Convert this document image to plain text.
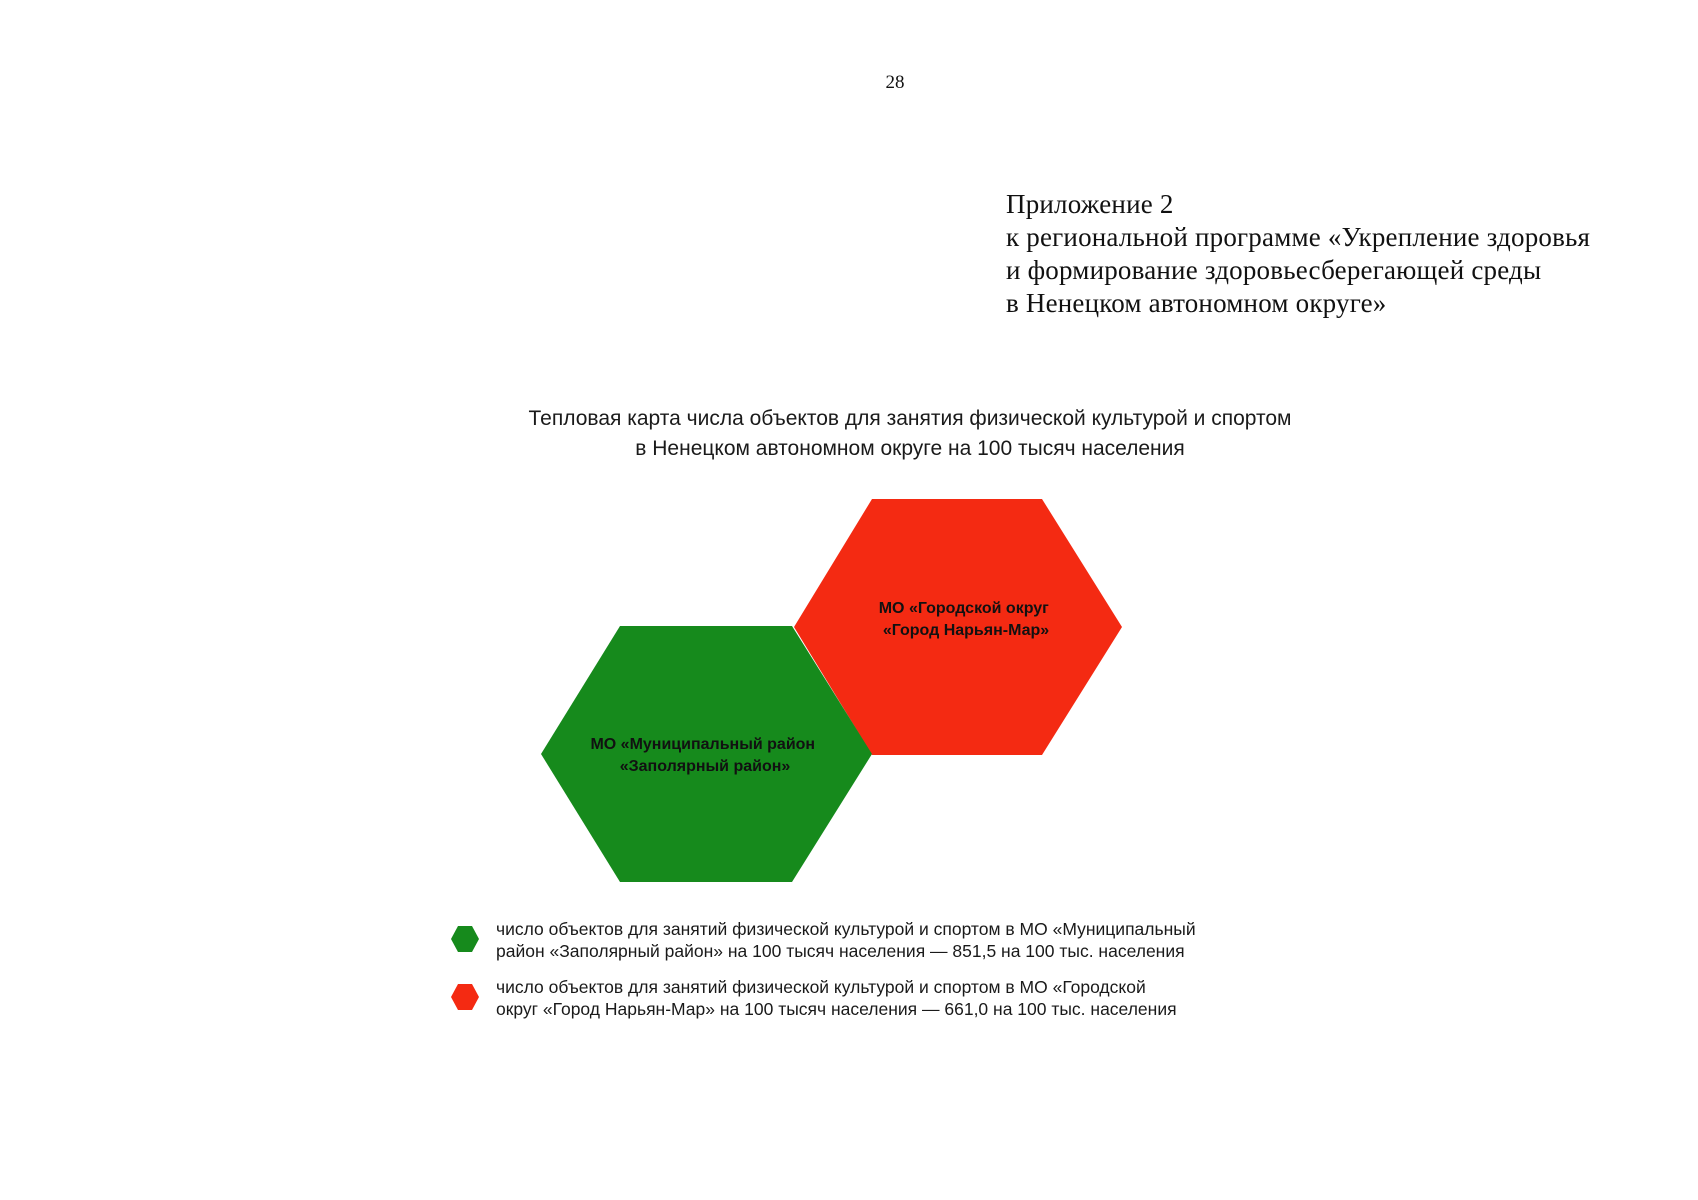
28
Приложение 2
к региональной программе «Укрепление здоровья
и формирование здоровьесберегающей среды
в Ненецком автономном округе»
Тепловая карта числа объектов для занятия физической культурой и спортом
в Ненецком автономном округе на 100 тысяч населения
МО «Городской округ «Город Нарьян-Мар»
МО «Муниципальный район «Заполярный район»
число объектов для занятий физической культурой и спортом в МО «Муниципальный
район «Заполярный район» на 100 тысяч населения — 851,5 на 100 тыс. населения
число объектов для занятий физической культурой и спортом в МО «Городской
округ «Город Нарьян-Мар» на 100 тысяч населения — 661,0 на 100 тыс. населения
